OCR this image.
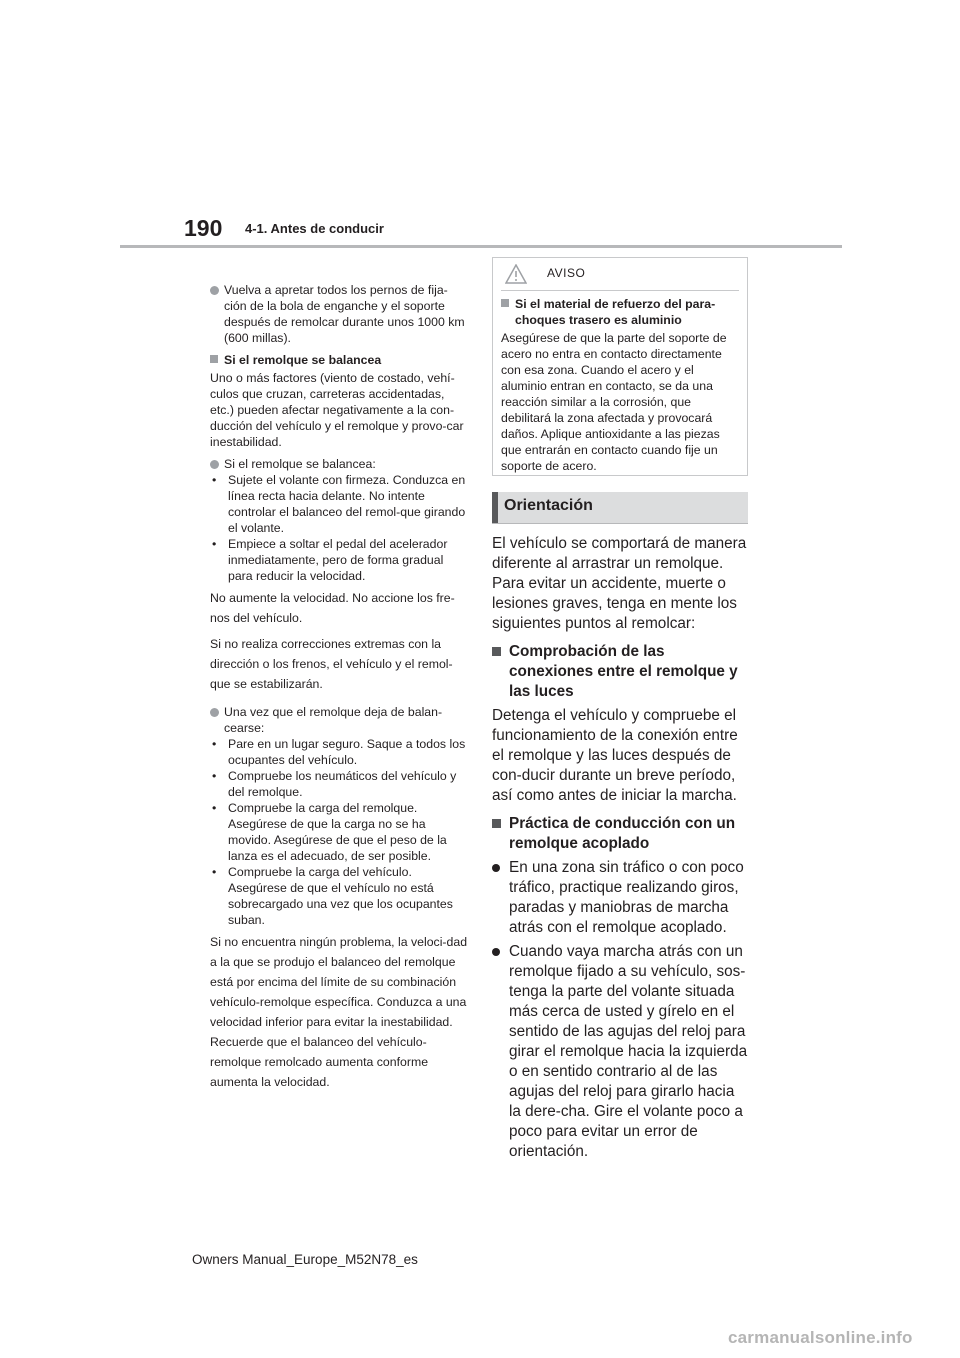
190 4-1. Antes de conducir
Vuelva a apretar todos los pernos de fija-ción de la bola de enganche y el soporte después de remolcar durante unos 1000 km (600 millas).
Si el remolque se balancea
Uno o más factores (viento de costado, vehí-culos que cruzan, carreteras accidentadas, etc.) pueden afectar negativamente a la con-ducción del vehículo y el remolque y provo-car inestabilidad.
Si el remolque se balancea:
• Sujete el volante con firmeza. Conduzca en línea recta hacia delante. No intente controlar el balanceo del remol-que girando el volante.
• Empiece a soltar el pedal del acelerador inmediatamente, pero de forma gradual para reducir la velocidad.
No aumente la velocidad. No accione los fre-nos del vehículo.
Si no realiza correcciones extremas con la dirección o los frenos, el vehículo y el remol-que se estabilizarán.
Una vez que el remolque deja de balan-cearse:
• Pare en un lugar seguro. Saque a todos los ocupantes del vehículo.
• Compruebe los neumáticos del vehículo y del remolque.
• Compruebe la carga del remolque. Asegúrese de que la carga no se ha movido. Asegúrese de que el peso de la lanza es el adecuado, de ser posible.
• Compruebe la carga del vehículo. Asegúrese de que el vehículo no está sobrecargado una vez que los ocupantes suban.
Si no encuentra ningún problema, la veloci-dad a la que se produjo el balanceo del remolque está por encima del límite de su combinación vehículo-remolque específica. Conduzca a una velocidad inferior para evitar la inestabilidad. Recuerde que el balanceo del vehículo-remolque remolcado aumenta conforme aumenta la velocidad.
AVISO
Si el material de refuerzo del para-choques trasero es aluminio
Asegúrese de que la parte del soporte de acero no entra en contacto directamente con esa zona. Cuando el acero y el aluminio entran en contacto, se da una reacción similar a la corrosión, que debilitará la zona afectada y provocará daños. Aplique antioxidante a las piezas que entrarán en contacto cuando fije un soporte de acero.
Orientación
El vehículo se comportará de manera diferente al arrastrar un remolque. Para evitar un accidente, muerte o lesiones graves, tenga en mente los siguientes puntos al remolcar:
Comprobación de las conexiones entre el remolque y las luces
Detenga el vehículo y compruebe el funcionamiento de la conexión entre el remolque y las luces después de con-ducir durante un breve período, así como antes de iniciar la marcha.
Práctica de conducción con un remolque acoplado
En una zona sin tráfico o con poco tráfico, practique realizando giros, paradas y maniobras de marcha atrás con el remolque acoplado.
Cuando vaya marcha atrás con un remolque fijado a su vehículo, sos-tenga la parte del volante situada más cerca de usted y gírelo en el sentido de las agujas del reloj para girar el remolque hacia la izquierda o en sentido contrario al de las agujas del reloj para girarlo hacia la dere-cha. Gire el volante poco a poco para evitar un error de orientación.
Owners Manual_Europe_M52N78_es
carmanualsonline.info
